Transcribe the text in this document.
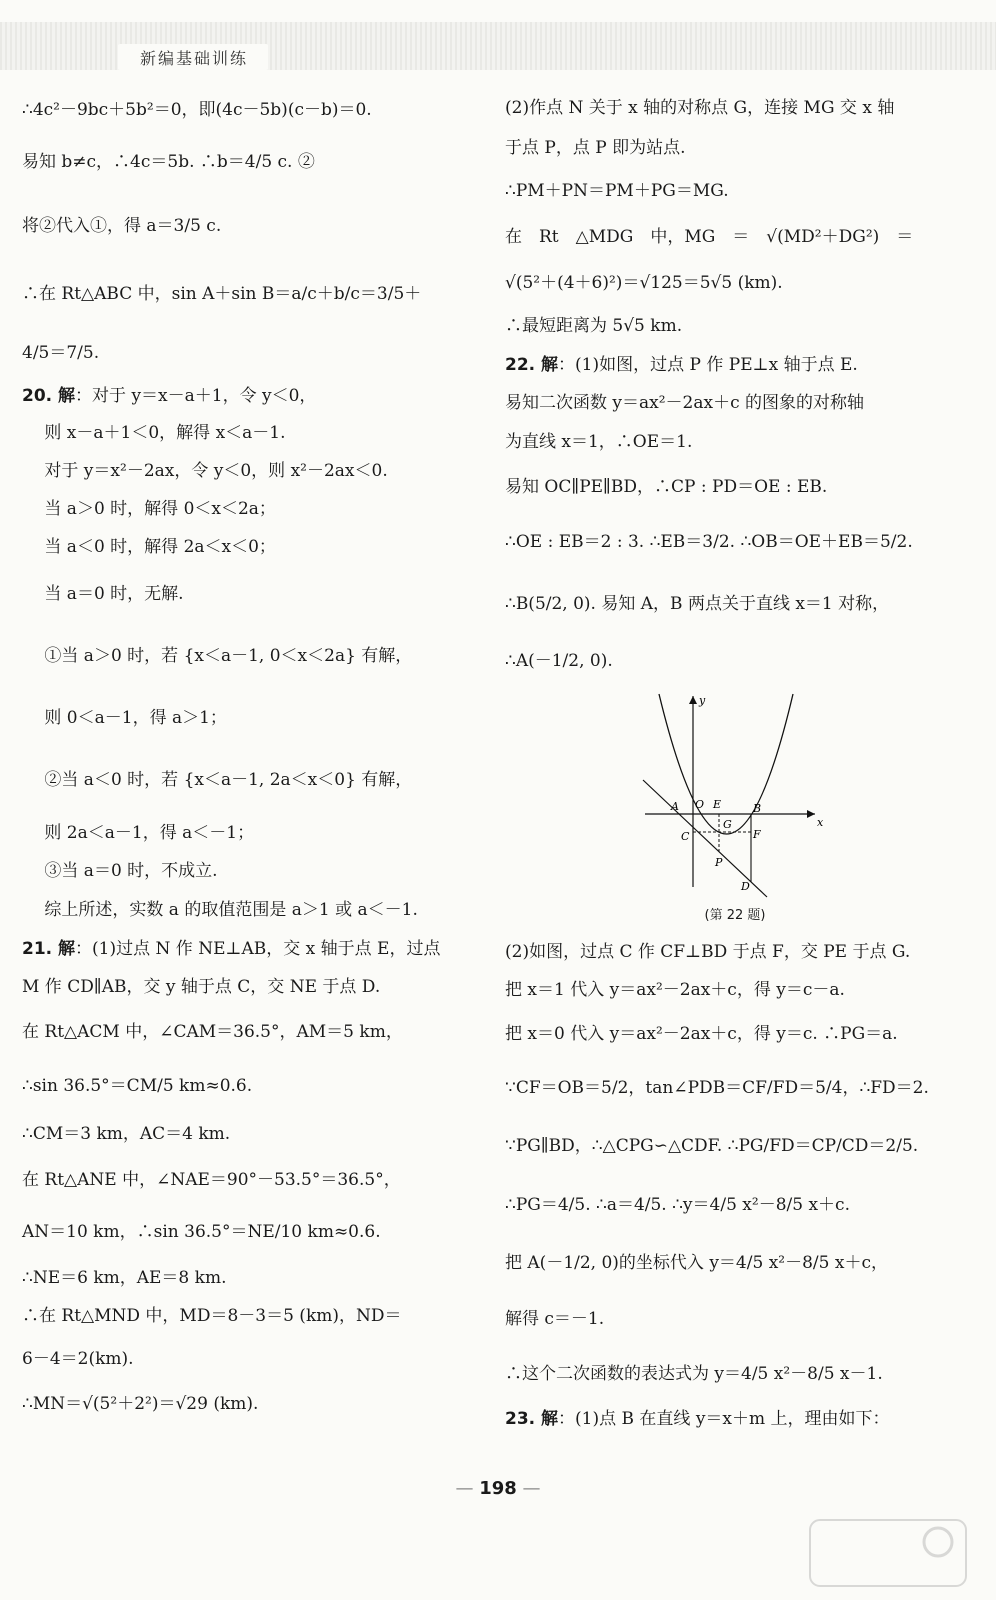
新编基础训练
∴4c²－9bc＋5b²＝0，即(4c－5b)(c－b)＝0.
易知 b≠c，∴4c＝5b. ∴b＝4/5 c. ②
将②代入①，得 a＝3/5 c.
∴在 Rt△ABC 中，sin A＋sin B＝a/c＋b/c＝3/5＋
4/5＝7/5.
20. 解：对于 y＝x－a＋1，令 y＜0，
　 则 x－a＋1＜0，解得 x＜a－1.
　 对于 y＝x²－2ax，令 y＜0，则 x²－2ax＜0.
　 当 a＞0 时，解得 0＜x＜2a；
　 当 a＜0 时，解得 2a＜x＜0；
　 当 a＝0 时，无解.
　 ①当 a＞0 时，若 {x＜a－1, 0＜x＜2a} 有解，
　 则 0＜a－1，得 a＞1；
　 ②当 a＜0 时，若 {x＜a－1, 2a＜x＜0} 有解，
　 则 2a＜a－1，得 a＜－1；
　 ③当 a＝0 时，不成立.
　 综上所述，实数 a 的取值范围是 a＞1 或 a＜－1.
21. 解：(1)过点 N 作 NE⊥AB，交 x 轴于点 E，过点
M 作 CD∥AB，交 y 轴于点 C，交 NE 于点 D.
在 Rt△ACM 中，∠CAM＝36.5°，AM＝5 km，
∴sin 36.5°＝CM/5 km≈0.6.
∴CM＝3 km，AC＝4 km.
在 Rt△ANE 中，∠NAE＝90°－53.5°＝36.5°，
AN＝10 km，∴sin 36.5°＝NE/10 km≈0.6.
∴NE＝6 km，AE＝8 km.
∴在 Rt△MND 中，MD＝8－3＝5 (km)，ND＝
6－4＝2(km).
∴MN＝√(5²＋2²)＝√29 (km).
(2)作点 N 关于 x 轴的对称点 G，连接 MG 交 x 轴
于点 P，点 P 即为站点.
∴PM＋PN＝PM＋PG＝MG.
在　Rt　△MDG　中，MG　＝　√(MD²＋DG²)　＝
√(5²＋(4＋6)²)＝√125＝5√5 (km).
∴最短距离为 5√5 km.
22. 解：(1)如图，过点 P 作 PE⊥x 轴于点 E.
易知二次函数 y＝ax²－2ax＋c 的图象的对称轴
为直线 x＝1，∴OE＝1.
易知 OC∥PE∥BD，∴CP : PD＝OE : EB.
∴OE : EB＝2 : 3. ∴EB＝3/2. ∴OB＝OE＋EB＝5/2.
∴B(5/2, 0). 易知 A，B 两点关于直线 x＝1 对称，
∴A(－1/2, 0).
y
x
O E
A	B
C
G
F
P
D
(第 22 题)
(2)如图，过点 C 作 CF⊥BD 于点 F，交 PE 于点 G.
把 x＝1 代入 y＝ax²－2ax＋c，得 y＝c－a.
把 x＝0 代入 y＝ax²－2ax＋c，得 y＝c. ∴PG＝a.
∵CF＝OB＝5/2，tan∠PDB＝CF/FD＝5/4，∴FD＝2.
∵PG∥BD，∴△CPG∽△CDF. ∴PG/FD＝CP/CD＝2/5.
∴PG＝4/5. ∴a＝4/5. ∴y＝4/5 x²－8/5 x＋c.
把 A(－1/2, 0)的坐标代入 y＝4/5 x²－8/5 x＋c，
解得 c＝－1.
∴这个二次函数的表达式为 y＝4/5 x²－8/5 x－1.
23. 解：(1)点 B 在直线 y＝x＋m 上，理由如下：
— 198 —
